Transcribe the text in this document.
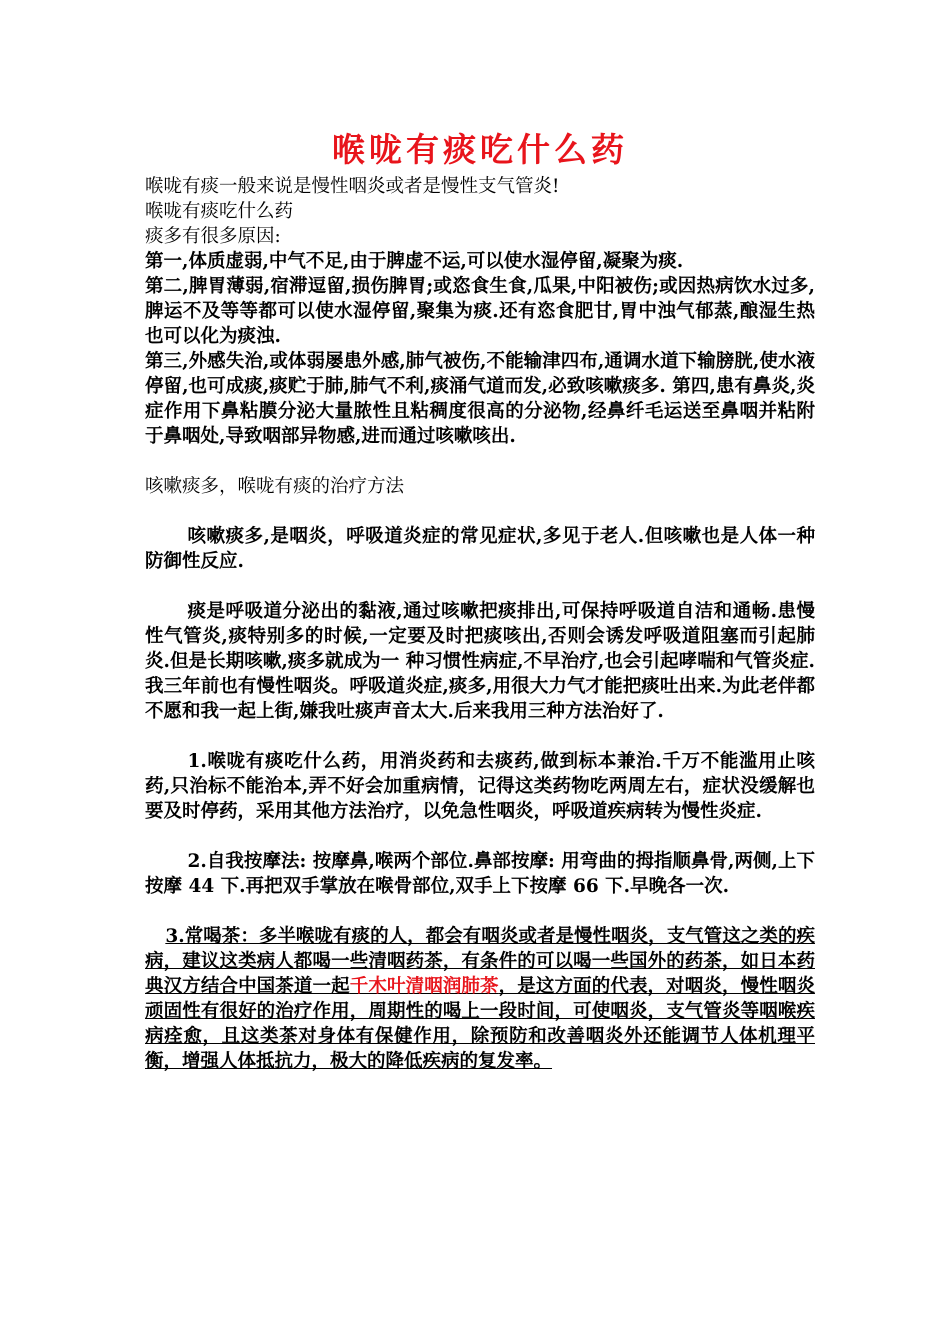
喉咙有痰吃什么药

喉咙有痰一般来说是慢性咽炎或者是慢性支气管炎!

喉咙有痰吃什么药

痰多有很多原因:

第一,体质虚弱,中气不足,由于脾虚不运,可以使水湿停留,凝聚为痰.

第二,脾胃薄弱,宿滞逗留,损伤脾胃;或恣食生食,瓜果,中阳被伤;或因热病饮水过多,脾运不及等等都可以使水湿停留,聚集为痰.还有恣食肥甘,胃中浊气郁蒸,酿湿生热也可以化为痰浊.

第三,外感失治,或体弱屡患外感,肺气被伤,不能输津四布,通调水道下输膀胱,使水液停留,也可成痰,痰贮于肺,肺气不利,痰涌气道而发,必致咳嗽痰多. 第四,患有鼻炎,炎症作用下鼻粘膜分泌大量脓性且粘稠度很高的分泌物,经鼻纤毛运送至鼻咽并粘附于鼻咽处,导致咽部异物感,进而通过咳嗽咳出.

咳嗽痰多，喉咙有痰的治疗方法

咳嗽痰多,是咽炎，呼吸道炎症的常见症状,多见于老人.但咳嗽也是人体一种防御性反应.

痰是呼吸道分泌出的黏液,通过咳嗽把痰排出,可保持呼吸道自洁和通畅.患慢性气管炎,痰特别多的时候,一定要及时把痰咳出,否则会诱发呼吸道阻塞而引起肺炎.但是长期咳嗽,痰多就成为一 种习惯性病症,不早治疗,也会引起哮喘和气管炎症.我三年前也有慢性咽炎。呼吸道炎症,痰多,用很大力气才能把痰吐出来.为此老伴都不愿和我一起上街,嫌我吐痰声音太大.后来我用三种方法治好了.

1.喉咙有痰吃什么药，用消炎药和去痰药,做到标本兼治.千万不能滥用止咳药,只治标不能治本,弄不好会加重病情，记得这类药物吃两周左右，症状没缓解也要及时停药，采用其他方法治疗，以免急性咽炎，呼吸道疾病转为慢性炎症.

2.自我按摩法: 按摩鼻,喉两个部位.鼻部按摩: 用弯曲的拇指顺鼻骨,两侧,上下按摩 44 下.再把双手掌放在喉骨部位,双手上下按摩 66 下.早晚各一次.

3.常喝茶：多半喉咙有痰的人，都会有咽炎或者是慢性咽炎，支气管这之类的疾病，建议这类病人都喝一些清咽药茶，有条件的可以喝一些国外的药茶，如日本药典汉方结合中国茶道一起千木叶清咽润肺茶，是这方面的代表，对咽炎，慢性咽炎顽固性有很好的治疗作用，周期性的喝上一段时间，可使咽炎，支气管炎等咽喉疾病痊愈，且这类茶对身体有保健作用，除预防和改善咽炎外还能调节人体机理平衡，增强人体抵抗力，极大的降低疾病的复发率。
